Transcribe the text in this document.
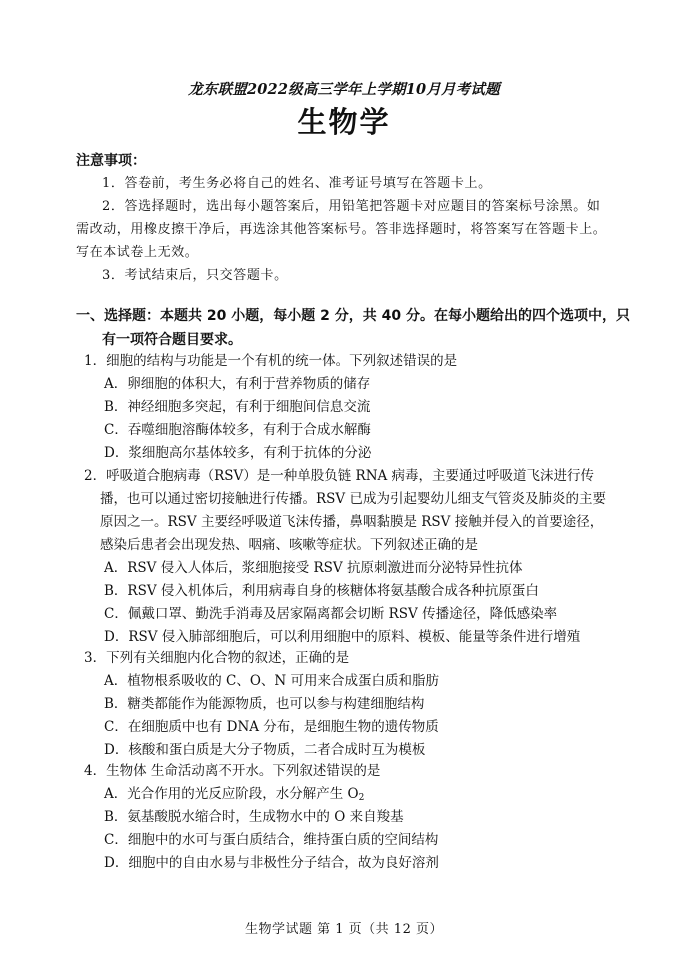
龙东联盟2022级高三学年上学期10月月考试题
生物学
注意事项：
1．答卷前，考生务必将自己的姓名、准考证号填写在答题卡上。
2．答选择题时，选出每小题答案后，用铅笔把答题卡对应题目的答案标号涂黑。如需改动，用橡皮擦干净后，再选涂其他答案标号。答非选择题时，将答案写在答题卡上。写在本试卷上无效。
3．考试结束后，只交答题卡。
一、选择题：本题共 20 小题，每小题 2 分，共 40 分。在每小题给出的四个选项中，只有一项符合题目要求。
1．细胞的结构与功能是一个有机的统一体。下列叙述错误的是
A．卵细胞的体积大，有利于营养物质的储存
B．神经细胞多突起，有利于细胞间信息交流
C．吞噬细胞溶酶体较多，有利于合成水解酶
D．浆细胞高尔基体较多，有利于抗体的分泌
2．呼吸道合胞病毒（RSV）是一种单股负链 RNA 病毒，主要通过呼吸道飞沫进行传播，也可以通过密切接触进行传播。RSV 已成为引起婴幼儿细支气管炎及肺炎的主要原因之一。RSV 主要经呼吸道飞沫传播，鼻咽黏膜是 RSV 接触并侵入的首要途径，感染后患者会出现发热、咽痛、咳嗽等症状。下列叙述正确的是
A．RSV 侵入人体后，浆细胞接受 RSV 抗原刺激进而分泌特异性抗体
B．RSV 侵入机体后，利用病毒自身的核糖体将氨基酸合成各种抗原蛋白
C．佩戴口罩、勤洗手消毒及居家隔离都会切断 RSV 传播途径，降低感染率
D．RSV 侵入肺部细胞后，可以利用细胞中的原料、模板、能量等条件进行增殖
3．下列有关细胞内化合物的叙述，正确的是
A．植物根系吸收的 C、O、N 可用来合成蛋白质和脂肪
B．糖类都能作为能源物质，也可以参与构建细胞结构
C．在细胞质中也有 DNA 分布，是细胞生物的遗传物质
D．核酸和蛋白质是大分子物质，二者合成时互为模板
4．生物体 生命活动离不开水。下列叙述错误的是
A．光合作用的光反应阶段，水分解产生 $O_2$
B．氨基酸脱水缩合时，生成物水中的 O 来自羧基
C．细胞中的水可与蛋白质结合，维持蛋白质的空间结构
D．细胞中的自由水易与非极性分子结合，故为良好溶剂
生物学试题 第 1 页（共 12 页）
